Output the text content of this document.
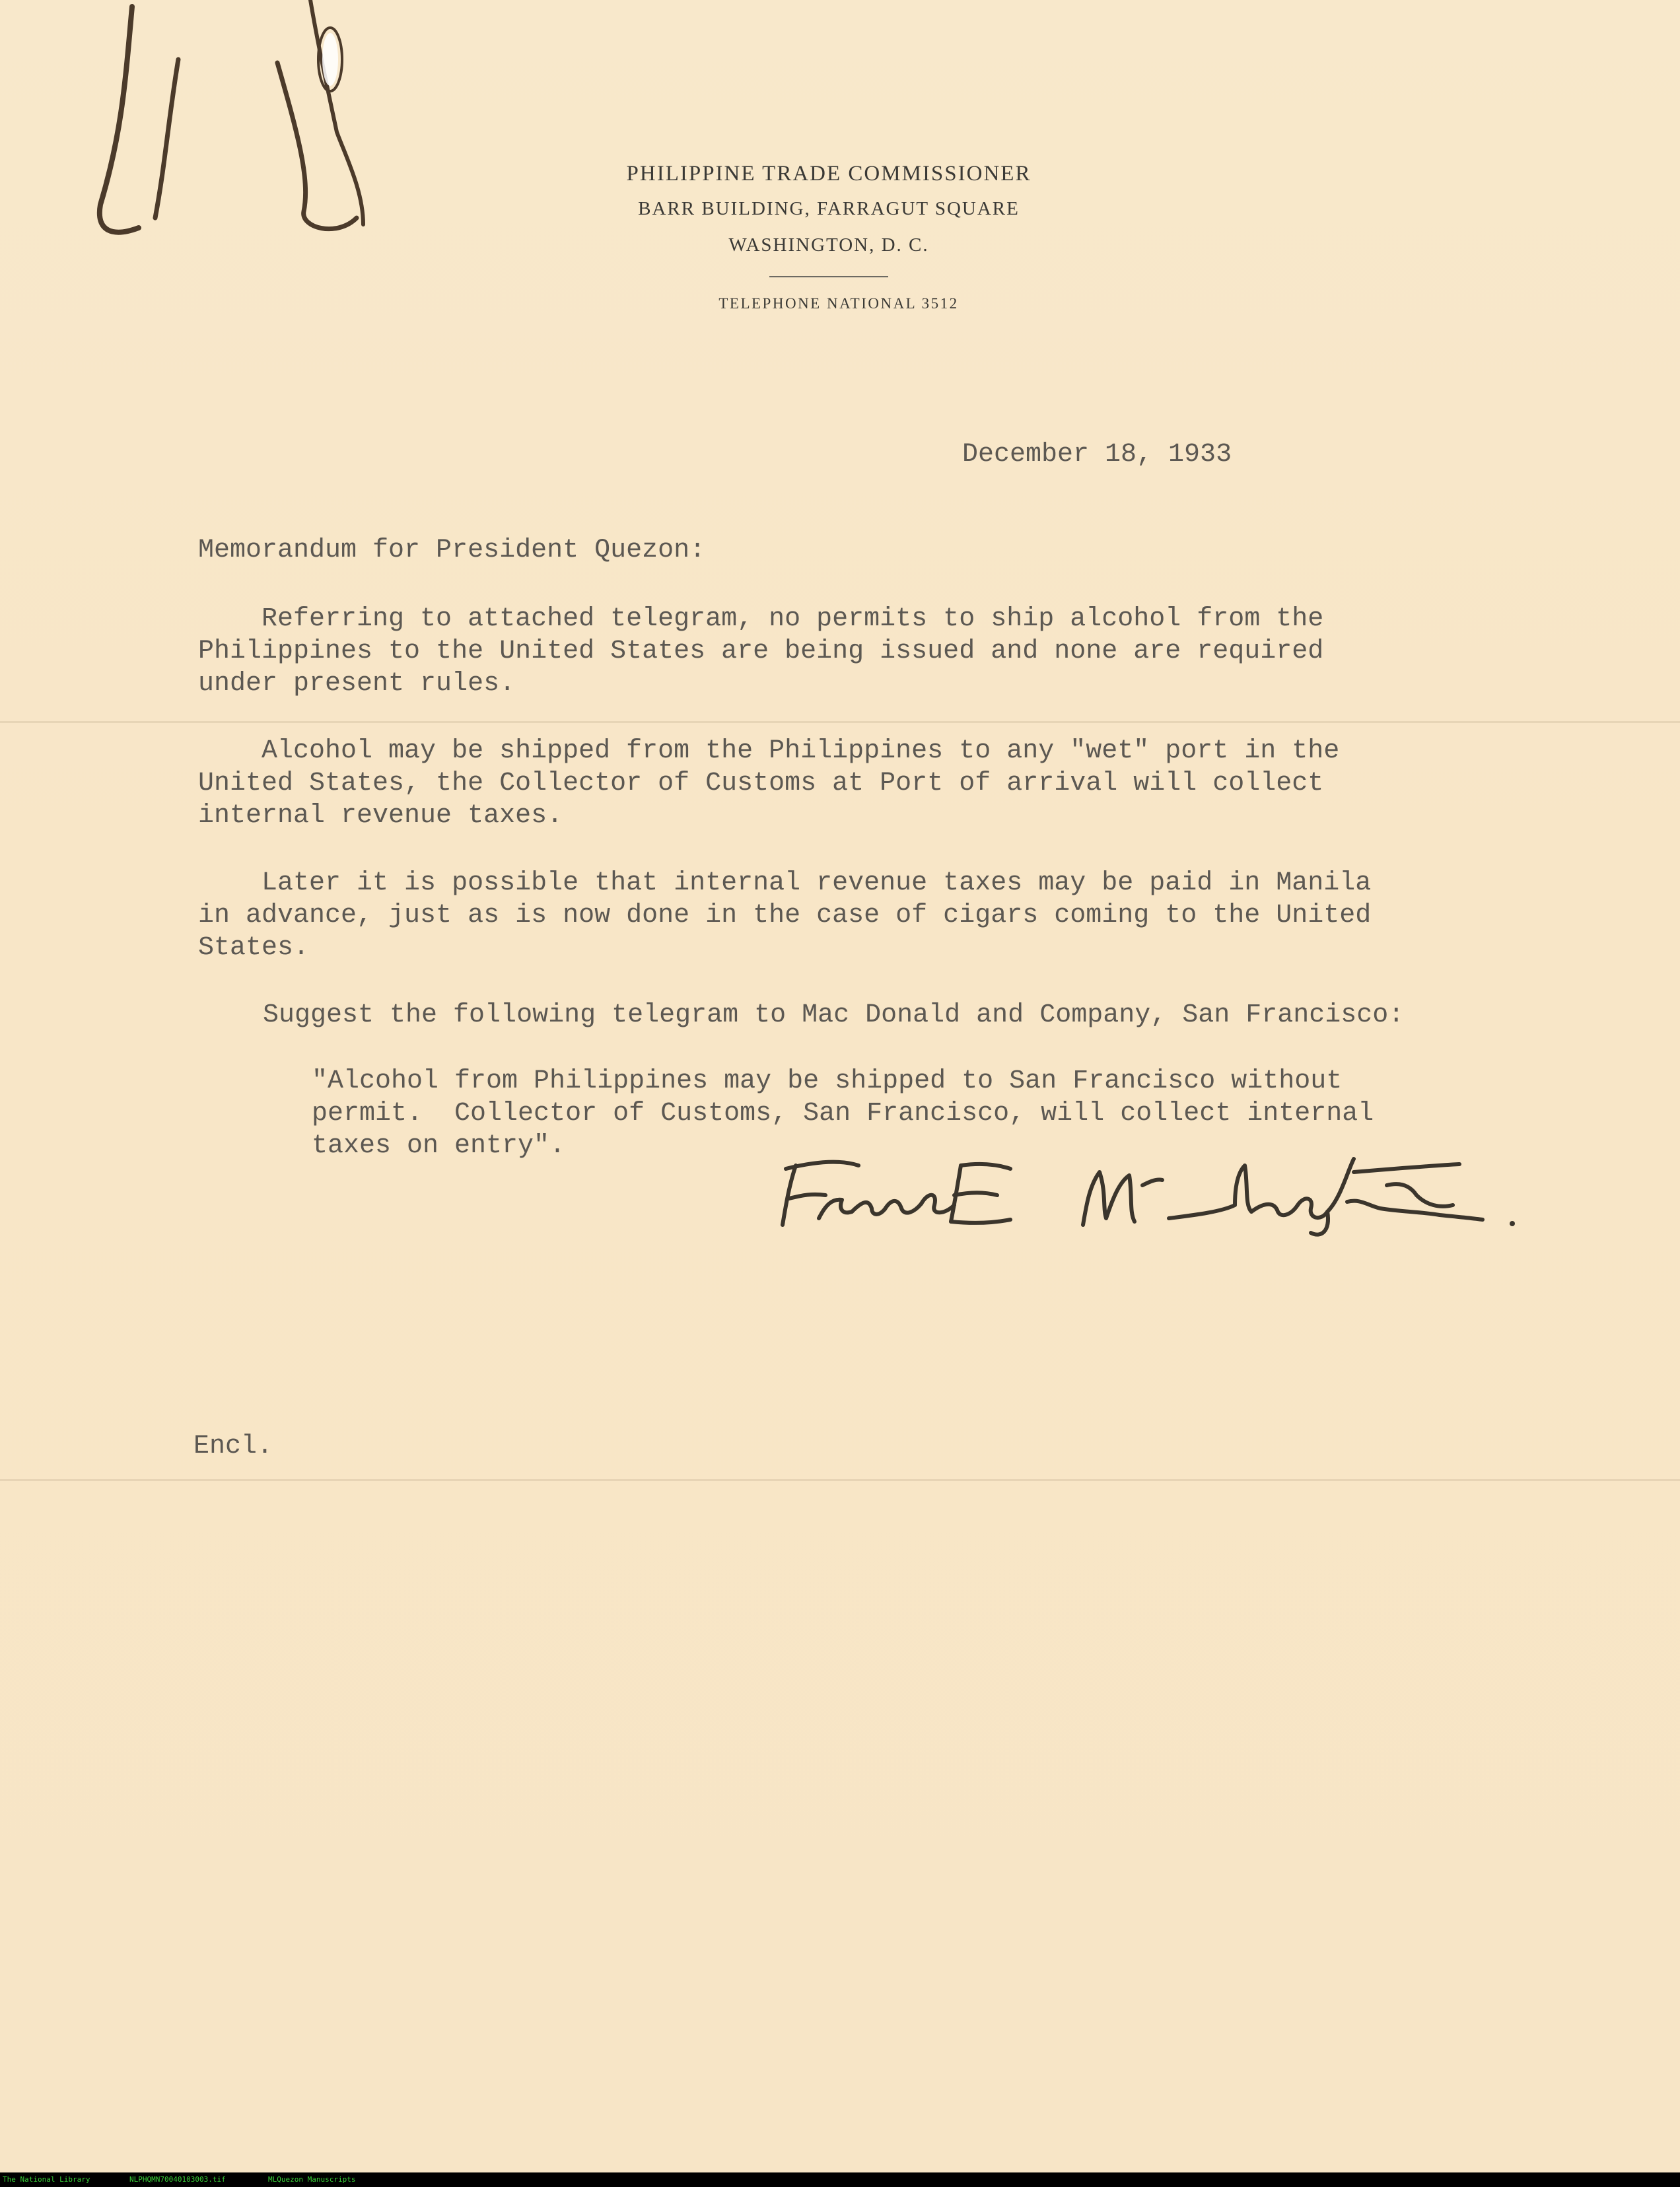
PHILIPPINE TRADE COMMISSIONER
BARR BUILDING, FARRAGUT SQUARE
WASHINGTON, D. C.
TELEPHONE NATIONAL 3512
December 18, 1933
Memorandum for President Quezon:
Referring to attached telegram, no permits to ship alcohol from the
Philippines to the United States are being issued and none are required
under present rules.
Alcohol may be shipped from the Philippines to any "wet" port in the
United States, the Collector of Customs at Port of arrival will collect
internal revenue taxes.
Later it is possible that internal revenue taxes may be paid in Manila
in advance, just as is now done in the case of cigars coming to the United
States.
Suggest the following telegram to Mac Donald and Company, San Francisco:
"Alcohol from Philippines may be shipped to San Francisco without
permit.  Collector of Customs, San Francisco, will collect internal
taxes on entry".
Encl.

The National Library

	NLPHQMN70040103003.tif

	MLQuezon Manuscripts
